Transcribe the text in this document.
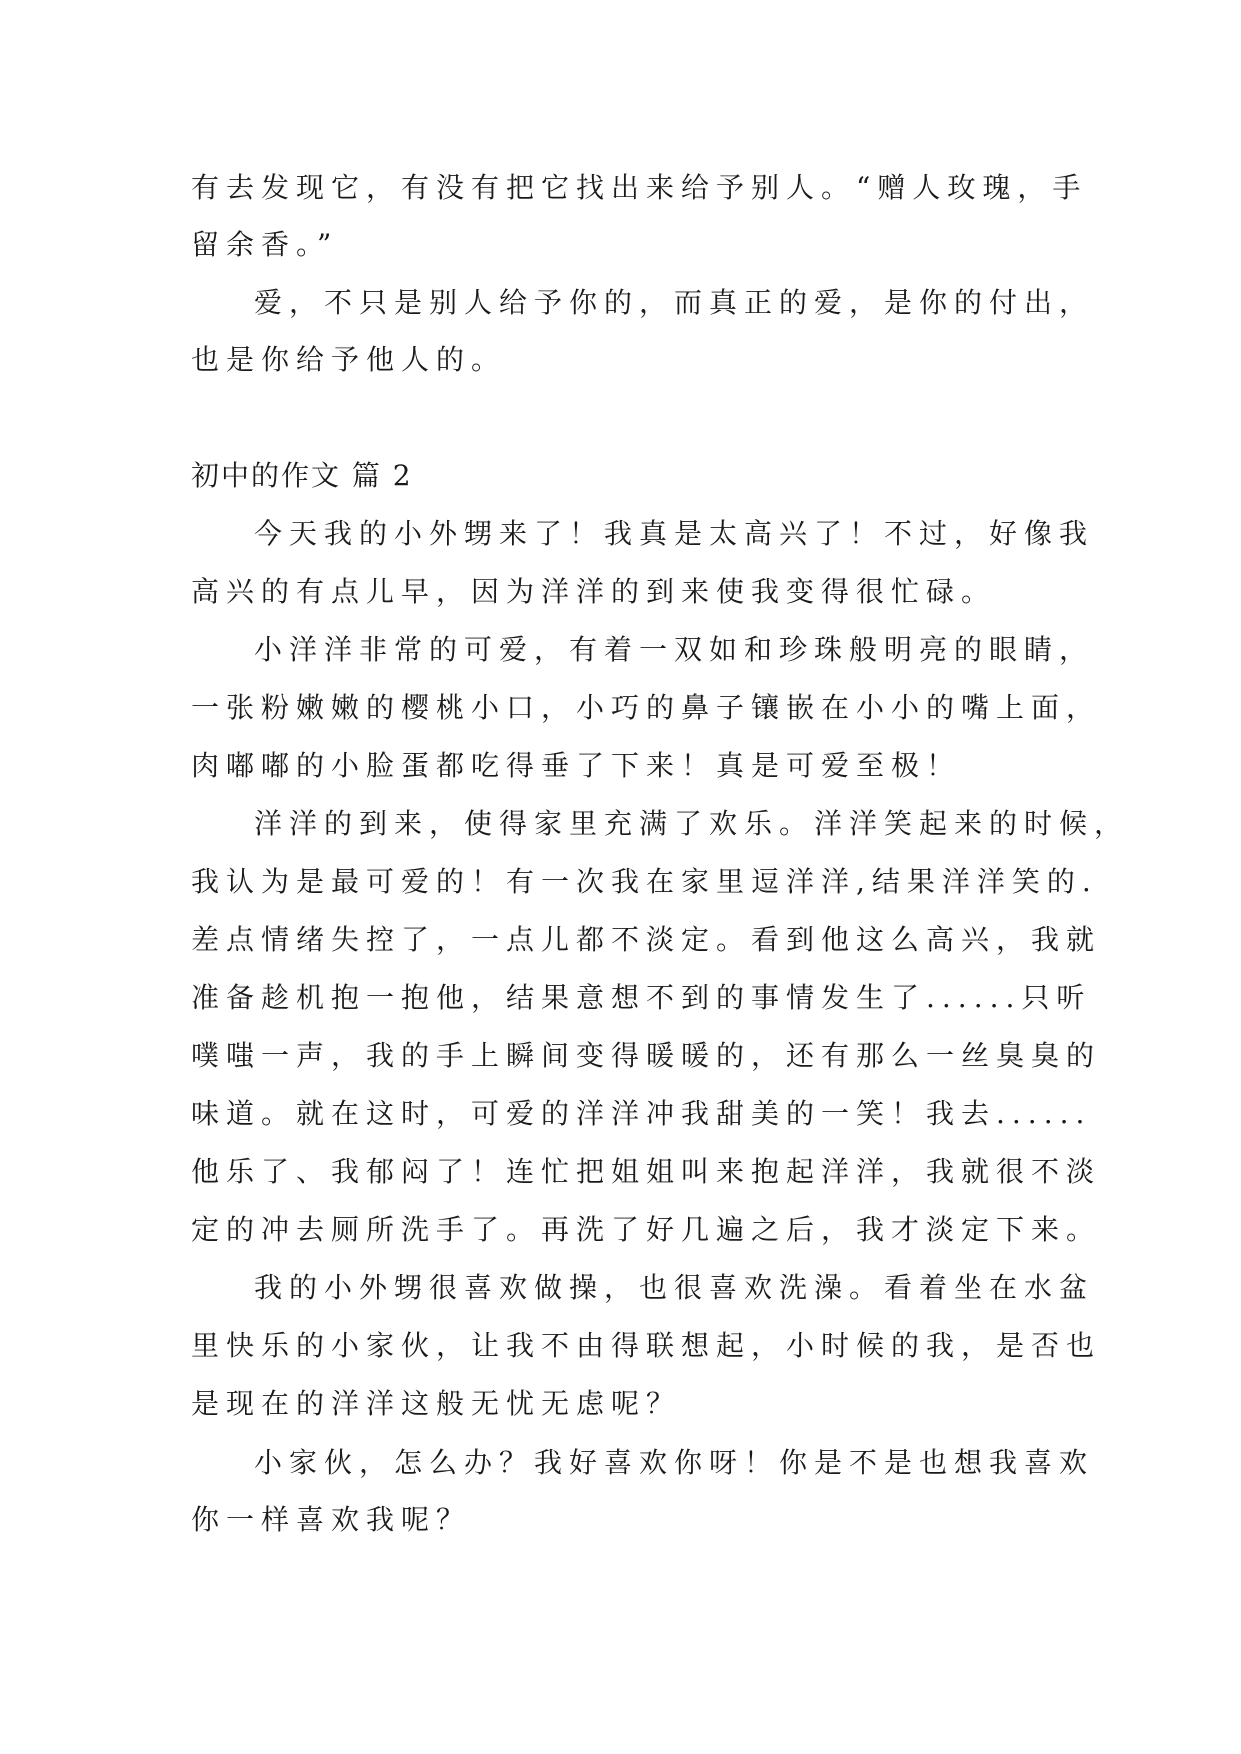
有去发现它，有没有把它找出来给予别人。“赠人玫瑰，手

留余香。”

爱，不只是别人给予你的，而真正的爱，是你的付出，

也是你给予他人的。

初中的作文 篇 2

今天我的小外甥来了！我真是太高兴了！不过，好像我

高兴的有点儿早，因为洋洋的到来使我变得很忙碌。

小洋洋非常的可爱，有着一双如和珍珠般明亮的眼睛，

一张粉嫩嫩的樱桃小口，小巧的鼻子镶嵌在小小的嘴上面，

肉嘟嘟的小脸蛋都吃得垂了下来！真是可爱至极！

洋洋的到来，使得家里充满了欢乐。洋洋笑起来的时候，

我认为是最可爱的！有一次我在家里逗洋洋,结果洋洋笑的.

差点情绪失控了，一点儿都不淡定。看到他这么高兴，我就

准备趁机抱一抱他，结果意想不到的事情发生了......只听

噗嗤一声，我的手上瞬间变得暖暖的，还有那么一丝臭臭的

味道。就在这时，可爱的洋洋冲我甜美的一笑！我去......

他乐了、我郁闷了！连忙把姐姐叫来抱起洋洋，我就很不淡

定的冲去厕所洗手了。再洗了好几遍之后，我才淡定下来。

我的小外甥很喜欢做操，也很喜欢洗澡。看着坐在水盆

里快乐的小家伙，让我不由得联想起，小时候的我，是否也

是现在的洋洋这般无忧无虑呢？

小家伙，怎么办？我好喜欢你呀！你是不是也想我喜欢

你一样喜欢我呢？
